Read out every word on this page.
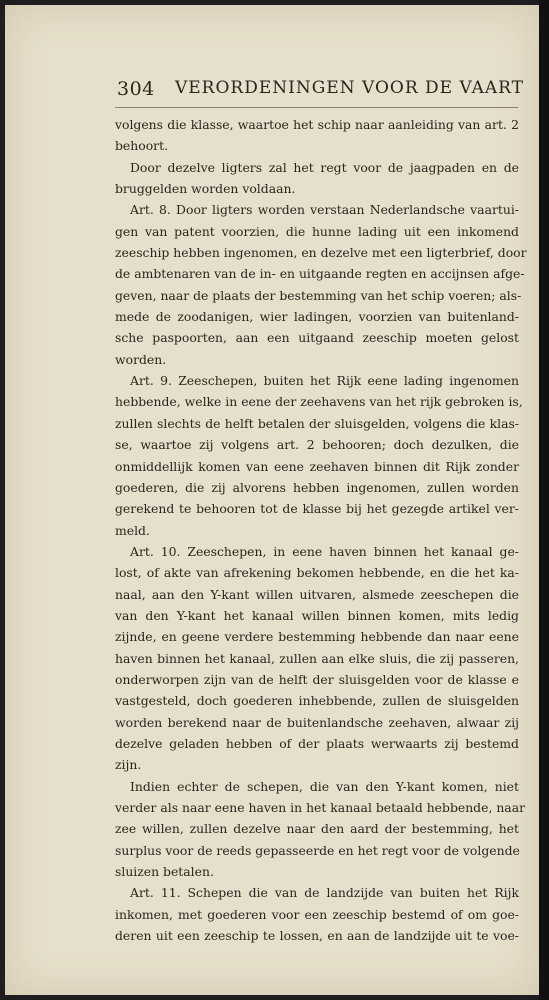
304 VERORDENINGEN VOOR DE VAART
volgens die klasse, waartoe het schip naar aanleiding van art. 2
behoort.
Door dezelve ligters zal het regt voor de jaagpaden en de
bruggelden worden voldaan.
Art. 8. Door ligters worden verstaan Nederlandsche vaartui-
gen van patent voorzien, die hunne lading uit een inkomend
zeeschip hebben ingenomen, en dezelve met een ligterbrief, door
de ambtenaren van de in- en uitgaande regten en accijnsen afge-
geven, naar de plaats der bestemming van het schip voeren; als-
mede de zoodanigen, wier ladingen, voorzien van buitenland-
sche paspoorten, aan een uitgaand zeeschip moeten gelost
worden.
Art. 9. Zeeschepen, buiten het Rijk eene lading ingenomen
hebbende, welke in eene der zeehavens van het rijk gebroken is,
zullen slechts de helft betalen der sluisgelden, volgens die klas-
se, waartoe zij volgens art. 2 behooren; doch dezulken, die
onmiddellijk komen van eene zeehaven binnen dit Rijk zonder
goederen, die zij alvorens hebben ingenomen, zullen worden
gerekend te behooren tot de klasse bij het gezegde artikel ver-
meld.
Art. 10. Zeeschepen, in eene haven binnen het kanaal ge-
lost, of akte van afrekening bekomen hebbende, en die het ka-
naal, aan den Y-kant willen uitvaren, alsmede zeeschepen die
van den Y-kant het kanaal willen binnen komen, mits ledig
zijnde, en geene verdere bestemming hebbende dan naar eene
haven binnen het kanaal, zullen aan elke sluis, die zij passeren,
onderworpen zijn van de helft der sluisgelden voor de klasse e
vastgesteld, doch goederen inhebbende, zullen de sluisgelden
worden berekend naar de buitenlandsche zeehaven, alwaar zij
dezelve geladen hebben of der plaats werwaarts zij bestemd
zijn.
Indien echter de schepen, die van den Y-kant komen, niet
verder als naar eene haven in het kanaal betaald hebbende, naar
zee willen, zullen dezelve naar den aard der bestemming, het
surplus voor de reeds gepasseerde en het regt voor de volgende
sluizen betalen.
Art. 11. Schepen die van de landzijde van buiten het Rijk
inkomen, met goederen voor een zeeschip bestemd of om goe-
deren uit een zeeschip te lossen, en aan de landzijde uit te voe-
